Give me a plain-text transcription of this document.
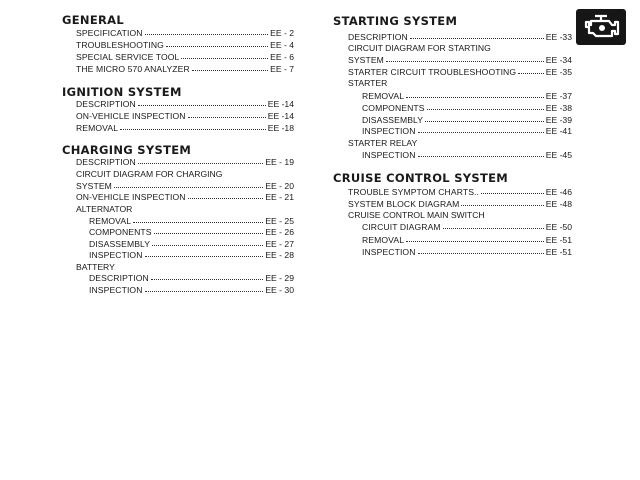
GENERAL
SPECIFICATION	EE - 2
TROUBLESHOOTING	EE - 4
SPECIAL SERVICE TOOL	EE - 6
THE MICRO 570 ANALYZER	EE - 7
IGNITION SYSTEM
DESCRIPTION	EE -14
ON-VEHICLE INSPECTION	EE -14
REMOVAL	EE -18
CHARGING SYSTEM
DESCRIPTION	EE - 19
CIRCUIT DIAGRAM FOR CHARGING
SYSTEM	EE - 20
ON-VEHICLE INSPECTION	EE - 21
ALTERNATOR
REMOVAL	EE - 25
COMPONENTS	EE - 26
DISASSEMBLY	EE - 27
INSPECTION	EE - 28
BATTERY
DESCRIPTION	EE - 29
INSPECTION	EE - 30
STARTING SYSTEM
DESCRIPTION	EE -33
CIRCUIT DIAGRAM FOR STARTING
SYSTEM	EE -34
STARTER CIRCUIT TROUBLESHOOTING	EE -35
STARTER
REMOVAL	EE -37
COMPONENTS	EE -38
DISASSEMBLY	EE -39
INSPECTION	EE -41
STARTER RELAY
INSPECTION	EE -45
CRUISE CONTROL SYSTEM
TROUBLE SYMPTOM CHARTS..	EE -46
SYSTEM BLOCK DIAGRAM	EE -48
CRUISE CONTROL MAIN SWITCH
CIRCUIT DIAGRAM	EE -50
REMOVAL	EE -51
INSPECTION	EE -51
